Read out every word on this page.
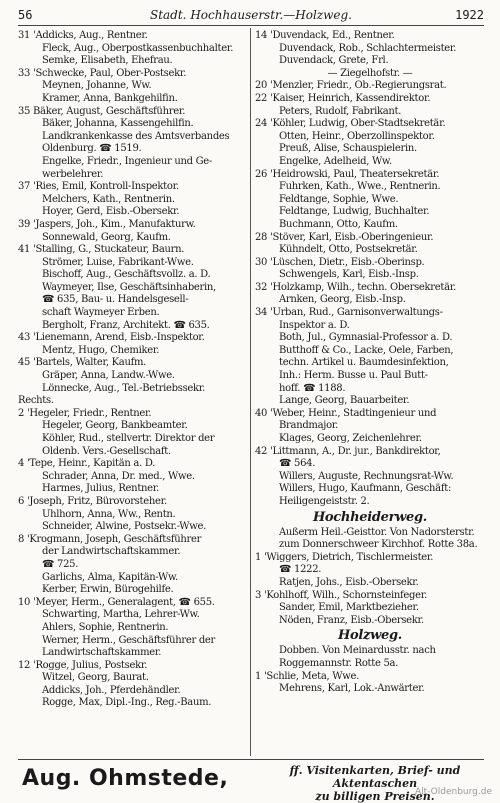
56	Stadt. Hochhauserstr.—Holzweg.	1922
31 'Addicks, Aug., Rentner.
Fleck, Aug., Oberpostkassenbuchhalter.
Semke, Elisabeth, Ehefrau.
33 'Schwecke, Paul, Ober-Postsekr.
Meynen, Johanne, Ww.
Kramer, Anna, Bankgehilfin.
35 Bäker, August, Geschäftsführer.
Bäker, Johanna, Kassengehilfin.
Landkrankenkasse des Amtsverbandes
Oldenburg. ☎ 1519.
Engelke, Friedr., Ingenieur und Ge-
werbelehrer.
37 'Ries, Emil, Kontroll-Inspektor.
Melchers, Kath., Rentnerin.
Hoyer, Gerd, Eisb.-Obersekr.
39 'Jaspers, Joh., Kim., Manufakturw.
Sonnewald, Georg, Kaufm.
41 'Stalling, G., Stuckateur, Baurn.
Strömer, Luise, Fabrikant-Wwe.
Bischoff, Aug., Geschäftsvollz. a. D.
Waymeyer, Ilse, Geschäftsinhaberin,
☎ 635, Bau- u. Handelsgesell-
schaft Waymeyer Erben.
Bergholt, Franz, Architekt. ☎ 635.
43 'Lienemann, Arend, Eisb.-Inspektor.
Mentz, Hugo, Chemiker.
45 'Bartels, Walter, Kaufm.
Gräper, Anna, Landw.-Wwe.
Lönnecke, Aug., Tel.-Betriebssekr.
Rechts.
2 'Hegeler, Friedr., Rentner.
Hegeler, Georg, Bankbeamter.
Köhler, Rud., stellvertr. Direktor der
Oldenb. Vers.-Gesellschaft.
4 'Tepe, Heinr., Kapitän a. D.
Schrader, Anna, Dr. med., Wwe.
Harmes, Julius, Rentner.
6 'Joseph, Fritz, Bürovorsteher.
Uhlhorn, Anna, Ww., Rentn.
Schneider, Alwine, Postsekr.-Wwe.
8 'Krogmann, Joseph, Geschäftsführer
der Landwirtschaftskammer.
☎ 725.
Garlichs, Alma, Kapitän-Ww.
Kerber, Erwin, Bürogehilfe.
10 'Meyer, Herm., Generalagent, ☎ 655.
Schwarting, Martha, Lehrer-Ww.
Ahlers, Sophie, Rentnerin.
Werner, Herm., Geschäftsführer der
Landwirtschaftskammer.
12 'Rogge, Julius, Postsekr.
Witzel, Georg, Baurat.
Addicks, Joh., Pferdehändler.
Rogge, Max, Dipl.-Ing., Reg.-Baum.
14 'Duvendack, Ed., Rentner.
Duvendack, Rob., Schlachtermeister.
Duvendack, Grete, Frl.
— Ziegelhofstr. —
20 'Menzler, Friedr., Ob.-Regierungsrat.
22 'Kaiser, Heinrich, Kassendirektor.
Peters, Rudolf, Fabrikant.
24 'Köhler, Ludwig, Ober-Stadtsekretär.
Otten, Heinr., Oberzollinspektor.
Preuß, Alise, Schauspielerin.
Engelke, Adelheid, Ww.
26 'Heidrowski, Paul, Theatersekretär.
Fuhrken, Kath., Wwe., Rentnerin.
Feldtange, Sophie, Wwe.
Feldtange, Ludwig, Buchhalter.
Buchmann, Otto, Kaufm.
28 'Stöver, Karl, Eisb.-Oberingenieur.
Kühndelt, Otto, Postsekretär.
30 'Lüschen, Dietr., Eisb.-Oberinsp.
Schwengels, Karl, Eisb.-Insp.
32 'Holzkamp, Wilh., techn. Obersekretär.
Arnken, Georg, Eisb.-Insp.
34 'Urban, Rud., Garnisonverwaltungs-
Inspektor a. D.
Both, Jul., Gymnasial-Professor a. D.
Butthoff & Co., Lacke, Oele, Farben,
techn. Artikel u. Baumdesinfektion,
Inh.: Herm. Busse u. Paul Butt-
hoff. ☎ 1188.
Lange, Georg, Bauarbeiter.
40 'Weber, Heinr., Stadtingenieur und
Brandmajor.
Klages, Georg, Zeichenlehrer.
42 'Littmann, A., Dr. jur., Bankdirektor,
☎ 564.
Willers, Auguste, Rechnungsrat-Ww.
Willers, Hugo, Kaufmann, Geschäft:
Heiligengeiststr. 2.
Hochheiderweg.
Außerm Heil.-Geisttor. Von Nadorsterstr.
zum Donnerschweer Kirchhof. Rotte 38a.
1 'Wiggers, Dietrich, Tischlermeister.
☎ 1222.
Ratjen, Johs., Eisb.-Obersekr.
3 'Kohlhoff, Wilh., Schornsteinfeger.
Sander, Emil, Marktbezieher.
Nöden, Franz, Eisb.-Obersekr.
Holzweg.
Dobben. Von Meinardusstr. nach
Roggemannstr. Rotte 5a.
1 'Schlie, Meta, Wwe.
Mehrens, Karl, Lok.-Anwärter.
Aug. Ohmstede,	ff. Visitenkarten, Brief- und Aktentaschen
zu billigen Preisen.
Alt-Oldenburg.de
